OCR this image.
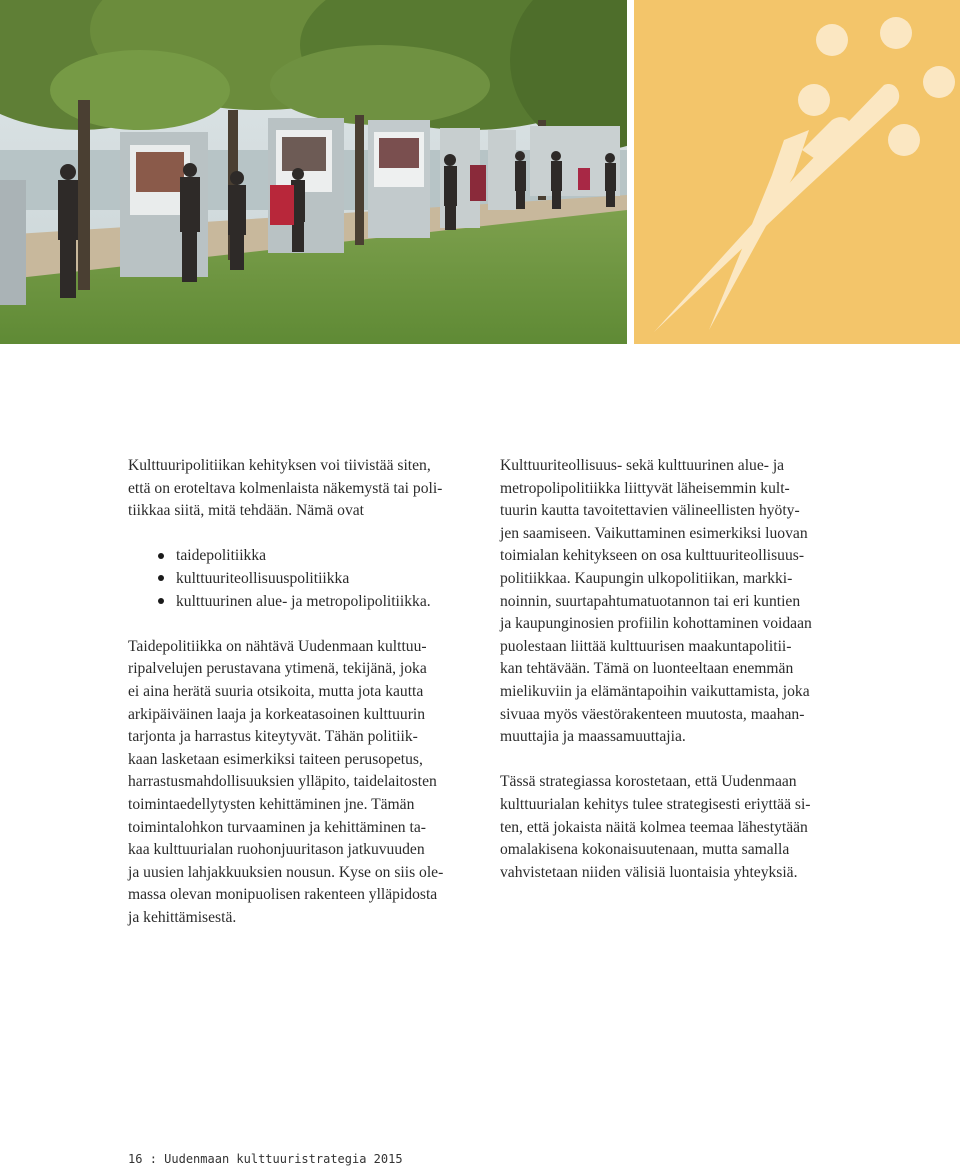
Kulttuuripolitiikan kehityksen voi tiivistää siten,
että on eroteltava kolmenlaista näkemystä tai poli-
tiikkaa siitä, mitä tehdään. Nämä ovat

taidepolitiikka
kulttuuriteollisuuspolitiikka
kulttuurinen alue- ja metropolipolitiikka.

Taidepolitiikka on nähtävä Uudenmaan kulttuu-
ripalvelujen perustavana ytimenä, tekijänä, joka
ei aina herätä suuria otsikoita, mutta jota kautta
arkipäiväinen laaja ja korkeatasoinen kulttuurin
tarjonta ja harrastus kiteytyvät. Tähän politiik-
kaan lasketaan esimerkiksi taiteen perusopetus,
harrastusmahdollisuuksien ylläpito, taidelaitosten
toimintaedellytysten kehittäminen jne. Tämän
toimintalohkon turvaaminen ja kehittäminen ta-
kaa kulttuurialan ruohonjuuritason jatkuvuuden
ja uusien lahjakkuuksien nousun. Kyse on siis ole-
massa olevan monipuolisen rakenteen ylläpidosta
ja kehittämisestä.

Kulttuuriteollisuus- sekä kulttuurinen alue- ja
metropolipolitiikka liittyvät läheisemmin kult-
tuurin kautta tavoitettavien välineellisten hyöty-
jen saamiseen. Vaikuttaminen esimerkiksi luovan
toimialan kehitykseen on osa kulttuuriteollisuus-
politiikkaa. Kaupungin ulkopolitiikan, markki-
noinnin, suurtapahtumatuotannon tai eri kuntien
ja kaupunginosien profiilin kohottaminen voidaan
puolestaan liittää kulttuurisen maakuntapolitii-
kan tehtävään. Tämä on luonteeltaan enemmän
mielikuviin ja elämäntapoihin vaikuttamista, joka
sivuaa myös väestörakenteen muutosta, maahan-
muuttajia ja maassamuuttajia.

Tässä strategiassa korostetaan, että Uudenmaan
kulttuurialan kehitys tulee strategisesti eriyttää si-
ten, että jokaista näitä kolmea teemaa lähestytään
omalakisena kokonaisuutenaan, mutta samalla
vahvistetaan niiden välisiä luontaisia yhteyksiä.

16 : Uudenmaan kulttuuristrategia 2015
